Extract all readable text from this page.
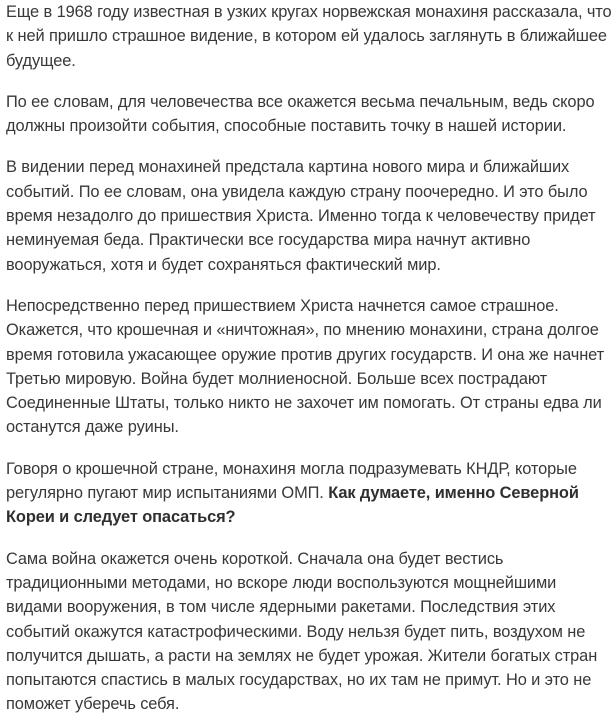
Еще в 1968 году известная в узких кругах норвежская монахиня рассказала, что к ней пришло страшное видение, в котором ей удалось заглянуть в ближайшее будущее.

По ее словам, для человечества все окажется весьма печальным, ведь скоро должны произойти события, способные поставить точку в нашей истории.

В видении перед монахиней предстала картина нового мира и ближайших событий. По ее словам, она увидела каждую страну поочередно. И это было время незадолго до пришествия Христа. Именно тогда к человечеству придет неминуемая беда. Практически все государства мира начнут активно вооружаться, хотя и будет сохраняться фактический мир.

Непосредственно перед пришествием Христа начнется самое страшное. Окажется, что крошечная и «ничтожная», по мнению монахини, страна долгое время готовила ужасающее оружие против других государств. И она же начнет Третью мировую. Война будет молниеносной. Больше всех пострадают Соединенные Штаты, только никто не захочет им помогать. От страны едва ли останутся даже руины.

Говоря о крошечной стране, монахиня могла подразумевать КНДР, которые регулярно пугают мир испытаниями ОМП. Как думаете, именно Северной Кореи и следует опасаться?

Сама война окажется очень короткой. Сначала она будет вестись традиционными методами, но вскоре люди воспользуются мощнейшими видами вооружения, в том числе ядерными ракетами. Последствия этих событий окажутся катастрофическими. Воду нельзя будет пить, воздухом не получится дышать, а расти на землях не будет урожая. Жители богатых стран попытаются спастись в малых государствах, но их там не примут. Но и это не поможет уберечь себя.
